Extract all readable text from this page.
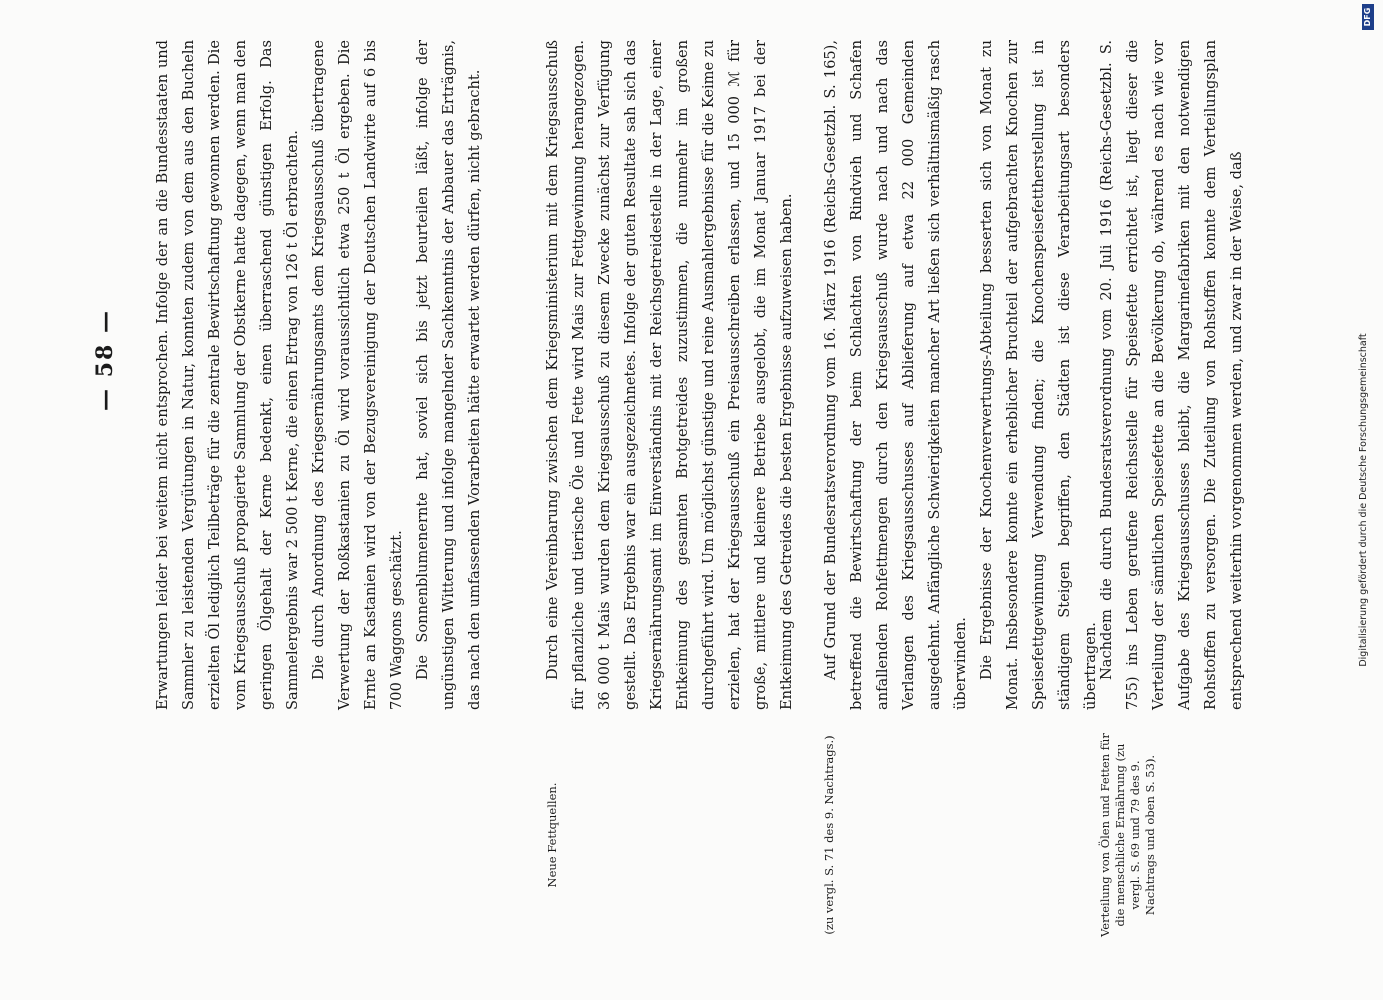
— 58 — Erwartungen leider bei weitem nicht entsprochen. Infolge der an die Bundesstaaten und Sammler zu leistenden Vergütungen in Natur, konnten zudem von dem aus den Bucheln erzielten Öl lediglich Teilbeträge für die zentrale Bewirtschaftung gewonnen werden. Die vom Kriegsausschuß propagierte Sammlung der Obstkerne hatte dagegen, wenn man den geringen Ölgehalt der Kerne bedenkt, einen überraschend günstigen Erfolg. Das Sammelergebnis war 2 500 t Kerne, die einen Ertrag von 126 t Öl erbrachten. Die durch Anordnung des Kriegsernährungsamts dem Kriegsausschuß übertragene Verwertung der Roßkastanien zu Öl wird voraussichtlich etwa 250 t Öl ergeben. Die Ernte an Kastanien wird von der Bezugsvereinigung der Deutschen Landwirte auf 6 bis 700 Waggons geschätzt. Die Sonnenblumenernte hat, soviel sich bis jetzt beurteilen läßt, infolge der ungünstigen Witterung und infolge mangelnder Sachkenntnis der Anbauer das Erträgnis, das nach den umfassenden Vorarbeiten hätte erwartet werden dürfen, nicht gebracht.

Neue Fettquellen.

Durch eine Vereinbarung zwischen dem Kriegsministerium mit dem Kriegsausschuß für pflanzliche und tierische Öle und Fette wird Mais zur Fettgewinnung herangezogen. 36 000 t Mais wurden dem Kriegsausschuß zu diesem Zwecke zunächst zur Verfügung gestellt. Das Ergebnis war ein ausgezeichnetes. Infolge der guten Resultate sah sich das Kriegsernährungsamt im Einverständnis mit der Reichsgetreidestelle in der Lage, einer Entkeimung des gesamten Brotgetreides zuzustimmen, die nunmehr im großen durchgeführt wird. Um möglichst günstige und reine Ausmahlergebnisse für die Keime zu erzielen, hat der Kriegsausschuß ein Preisausschreiben erlassen, und 15 000 ℳ für große, mittlere und kleinere Betriebe ausgelobt, die im Monat Januar 1917 bei der Entkeimung des Getreides die besten Ergebnisse aufzuweisen haben.

(zu vergl. S. 71 des 9. Nachtrags.)

Auf Grund der Bundesratsverordnung vom 16. März 1916 (Reichs-Gesetzbl. S. 165), betreffend die Bewirtschaftung der beim Schlachten von Rindvieh und Schafen anfallenden Rohfettmengen durch den Kriegsausschuß wurde nach und nach das Verlangen des Kriegsausschusses auf Ablieferung auf etwa 22 000 Gemeinden ausgedehnt. Anfängliche Schwierigkeiten mancher Art ließen sich verhältnismäßig rasch überwinden. Die Ergebnisse der Knochenverwertungs-Abteilung besserten sich von Monat zu Monat. Insbesondere konnte ein erheblicher Bruchteil der aufgebrachten Knochen zur Speisefettgewinnung Verwendung finden; die Knochenspeisefettherstellung ist in ständigem Steigen begriffen, den Städten ist diese Verarbeitungsart besonders übertragen.

Verteilung von Ölen und Fetten für die menschliche Ernährung (zu vergl. S. 69 und 79 des 9. Nachtrags und oben S. 53).

Nachdem die durch Bundesratsverordnung vom 20. Juli 1916 (Reichs-Gesetzbl. S. 755) ins Leben gerufene Reichsstelle für Speisefette errichtet ist, liegt dieser die Verteilung der sämtlichen Speisefette an die Bevölkerung ob, während es nach wie vor Aufgabe des Kriegsausschusses bleibt, die Margarinefabriken mit den notwendigen Rohstoffen zu versorgen. Die Zuteilung von Rohstoffen konnte dem Verteilungsplan entsprechend weiterhin vorgenommen werden, und zwar in der Weise, daß	Digitalisierung gefördert durch die Deutsche Forschungsgemeinschaft
DFG
